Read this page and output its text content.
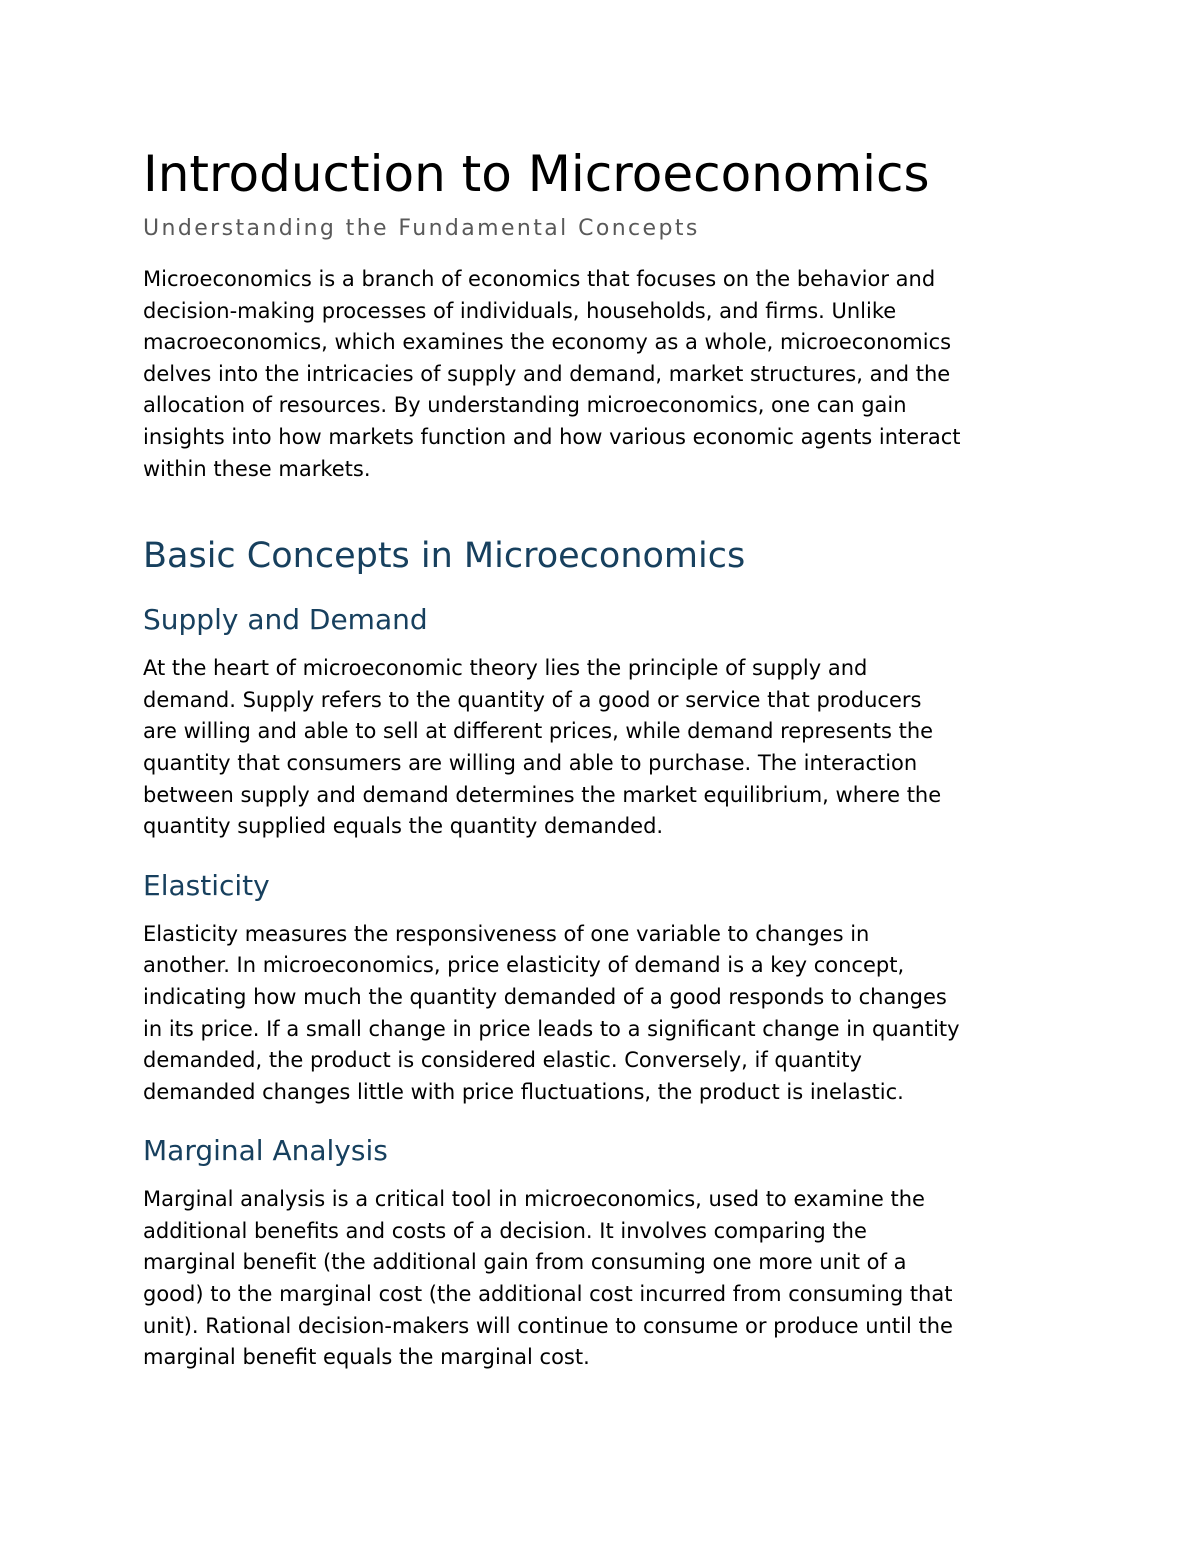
Introduction to Microeconomics
Understanding the Fundamental Concepts

Microeconomics is a branch of economics that focuses on the behavior and
decision-making processes of individuals, households, and firms. Unlike
macroeconomics, which examines the economy as a whole, microeconomics
delves into the intricacies of supply and demand, market structures, and the
allocation of resources. By understanding microeconomics, one can gain
insights into how markets function and how various economic agents interact
within these markets.

Basic Concepts in Microeconomics
Supply and Demand

At the heart of microeconomic theory lies the principle of supply and
demand. Supply refers to the quantity of a good or service that producers
are willing and able to sell at different prices, while demand represents the
quantity that consumers are willing and able to purchase. The interaction
between supply and demand determines the market equilibrium, where the
quantity supplied equals the quantity demanded.

Elasticity

Elasticity measures the responsiveness of one variable to changes in
another. In microeconomics, price elasticity of demand is a key concept,
indicating how much the quantity demanded of a good responds to changes
in its price. If a small change in price leads to a significant change in quantity
demanded, the product is considered elastic. Conversely, if quantity
demanded changes little with price fluctuations, the product is inelastic.

Marginal Analysis

Marginal analysis is a critical tool in microeconomics, used to examine the
additional benefits and costs of a decision. It involves comparing the
marginal benefit (the additional gain from consuming one more unit of a
good) to the marginal cost (the additional cost incurred from consuming that
unit). Rational decision-makers will continue to consume or produce until the
marginal benefit equals the marginal cost.
